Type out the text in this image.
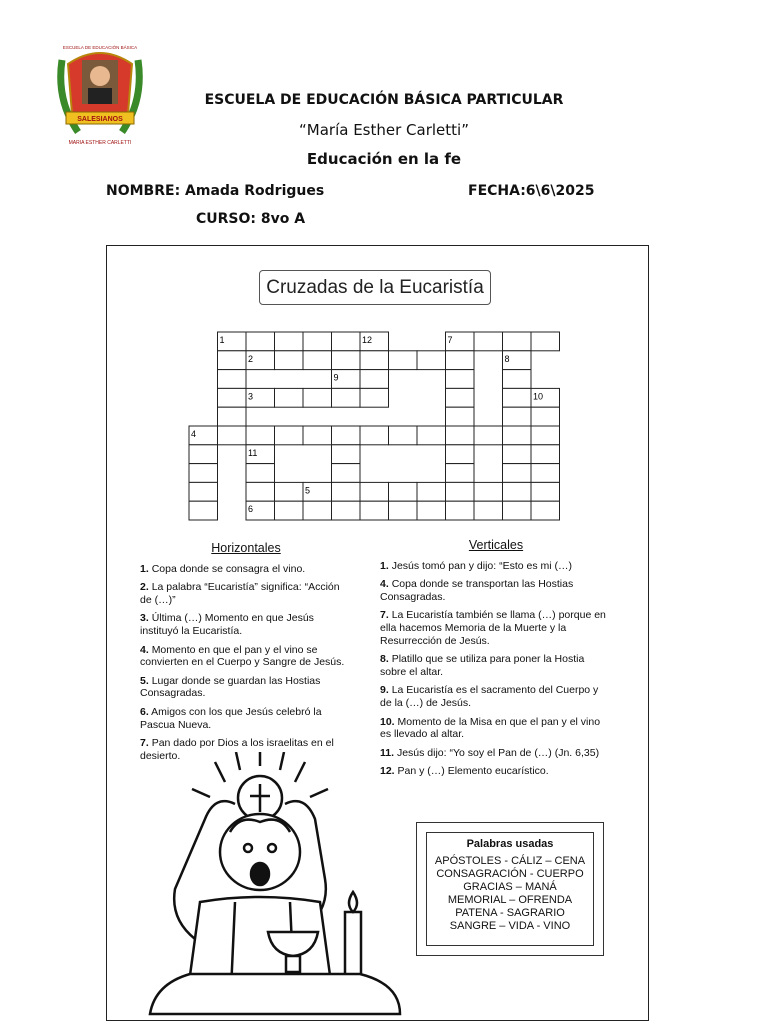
SALESIANOS
MARIA ESTHER CARLETTI
ESCUELA DE EDUCACIÓN BÁSICA
ESCUELA DE EDUCACIÓN BÁSICA PARTICULAR
“María Esther Carletti”
Educación en la fe
NOMBRE: Amada Rodrigues	FECHA:6\6\2025
CURSO: 8vo A
Cruzadas de la Eucaristía
1	12	7
2	8
9
3	10
4
11
5
6
Horizontales
1. Copa donde se consagra el vino.
2. La palabra “Eucaristía” significa: “Acción de (…)”
3. Última (…) Momento en que Jesús instituyó la Eucaristía.
4. Momento en que el pan y el vino se convierten en el Cuerpo y Sangre de Jesús.
5. Lugar donde se guardan las Hostias Consagradas.
6. Amigos con los que Jesús celebró la Pascua Nueva.
7. Pan dado por Dios a los israelitas en el desierto.
Verticales
1. Jesús tomó pan y dijo: “Esto es mi (…)
4. Copa donde se transportan las Hostias Consagradas.
7. La Eucaristía también se llama (…) porque en ella hacemos Memoria de la Muerte y la Resurrección de Jesús.
8. Platillo que se utiliza para poner la Hostia sobre el altar.
9. La Eucaristía es el sacramento del Cuerpo y de la (…) de Jesús.
10. Momento de la Misa en que el pan y el vino es llevado al altar.
11. Jesús dijo: “Yo soy el Pan de (…) (Jn. 6,35)
12. Pan y (…) Elemento eucarístico.
Palabras usadas
APÓSTOLES - CÁLIZ – CENA
CONSAGRACIÓN - CUERPO
GRACIAS – MANÁ
MEMORIAL – OFRENDA
PATENA - SAGRARIO
SANGRE – VIDA - VINO
